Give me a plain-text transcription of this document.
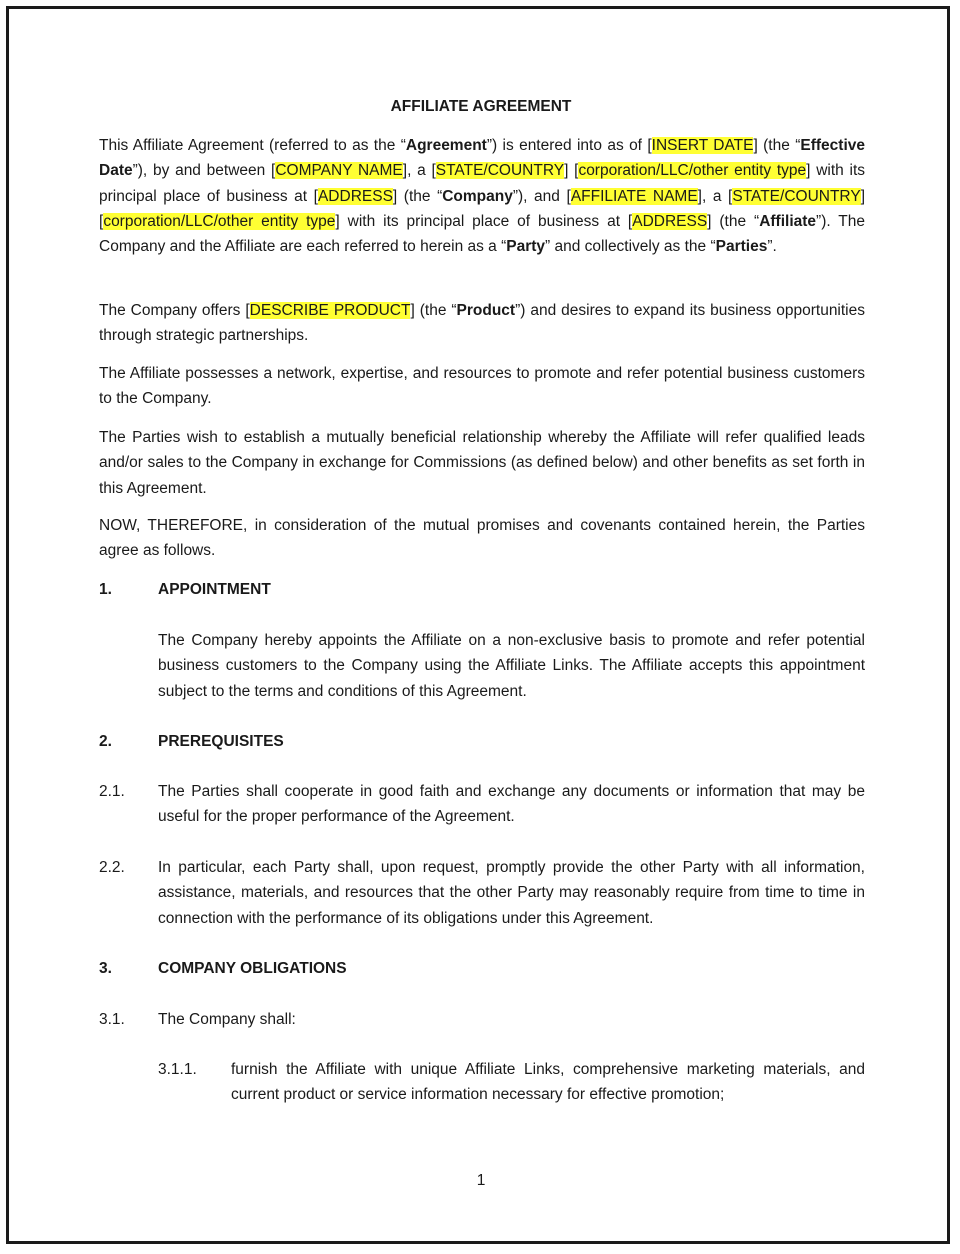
AFFILIATE AGREEMENT

This Affiliate Agreement (referred to as the “Agreement”) is entered into as of [INSERT DATE] (the “Effective Date”), by and between [COMPANY NAME], a [STATE/COUNTRY] [corporation/LLC/other entity type] with its principal place of business at [ADDRESS] (the “Company”), and [AFFILIATE NAME], a [STATE/COUNTRY] [corporation/LLC/other entity type] with its principal place of business at [ADDRESS] (the “Affiliate”). The Company and the Affiliate are each referred to herein as a “Party” and collectively as the “Parties”.

The Company offers [DESCRIBE PRODUCT] (the “Product”) and desires to expand its business opportunities through strategic partnerships.

The Affiliate possesses a network, expertise, and resources to promote and refer potential business customers to the Company.

The Parties wish to establish a mutually beneficial relationship whereby the Affiliate will refer qualified leads and/or sales to the Company in exchange for Commissions (as defined below) and other benefits as set forth in this Agreement.

NOW, THEREFORE, in consideration of the mutual promises and covenants contained herein, the Parties agree as follows.

1.	APPOINTMENT

The Company hereby appoints the Affiliate on a non-exclusive basis to promote and refer potential business customers to the Company using the Affiliate Links. The Affiliate accepts this appointment subject to the terms and conditions of this Agreement.

2.	PREREQUISITES
2.1. The Parties shall cooperate in good faith and exchange any documents or information that may be useful for the proper performance of the Agreement.

2.2. In particular, each Party shall, upon request, promptly provide the other Party with all information, assistance, materials, and resources that the other Party may reasonably require from time to time in connection with the performance of its obligations under this Agreement.

3.	COMPANY OBLIGATIONS
3.1. The Company shall:

3.1.1. furnish the Affiliate with unique Affiliate Links, comprehensive marketing materials, and current product or service information necessary for effective promotion;

1
